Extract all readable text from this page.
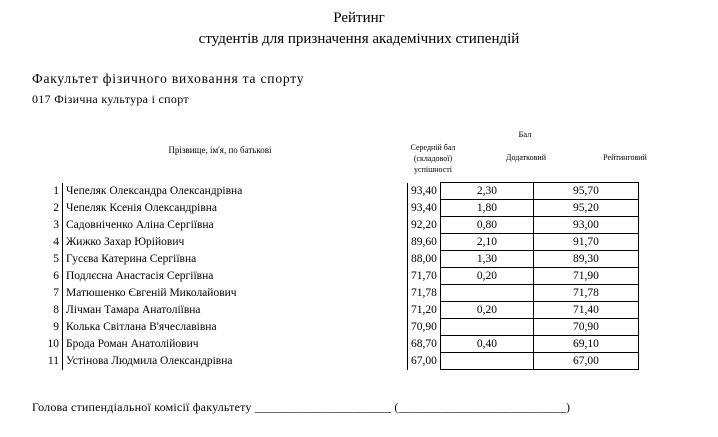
Рейтинг
студентів для призначення академічних стипендій
Факультет фізичного виховання та спорту
017 Фізична культура і спорт
Прізвище, ім'я, по батькові
Бал
Середній бал (складової) успішності
Додатковий	Рейтинговий
1	Чепеляк Олександра Олександрівна	93,40	2,30	95,70
2	Чепеляк Ксенія Олександрівна	93,40	1,80	95,20
3	Садовніченко Аліна Сергіївна	92,20	0,80	93,00
4	Жижко Захар Юрійович	89,60	2,10	91,70
5	Гусєва Катерина Сергіївна	88,00	1,30	89,30
6	Подлєсна Анастасія Сергіївна	71,70	0,20	71,90
7	Матюшенко Євгеній Миколайович	71,78		71,78
8	Лічман Тамара Анатоліївна	71,20	0,20	71,40
9	Колька Світлана В'ячеславівна	70,90		70,90
10	Брода Роман Анатолійович	68,70	0,40	69,10
11	Устінова Людмила Олександрівна	67,00		67,00
Голова стипендіальної комісії факультету ______________________ (___________________________)
